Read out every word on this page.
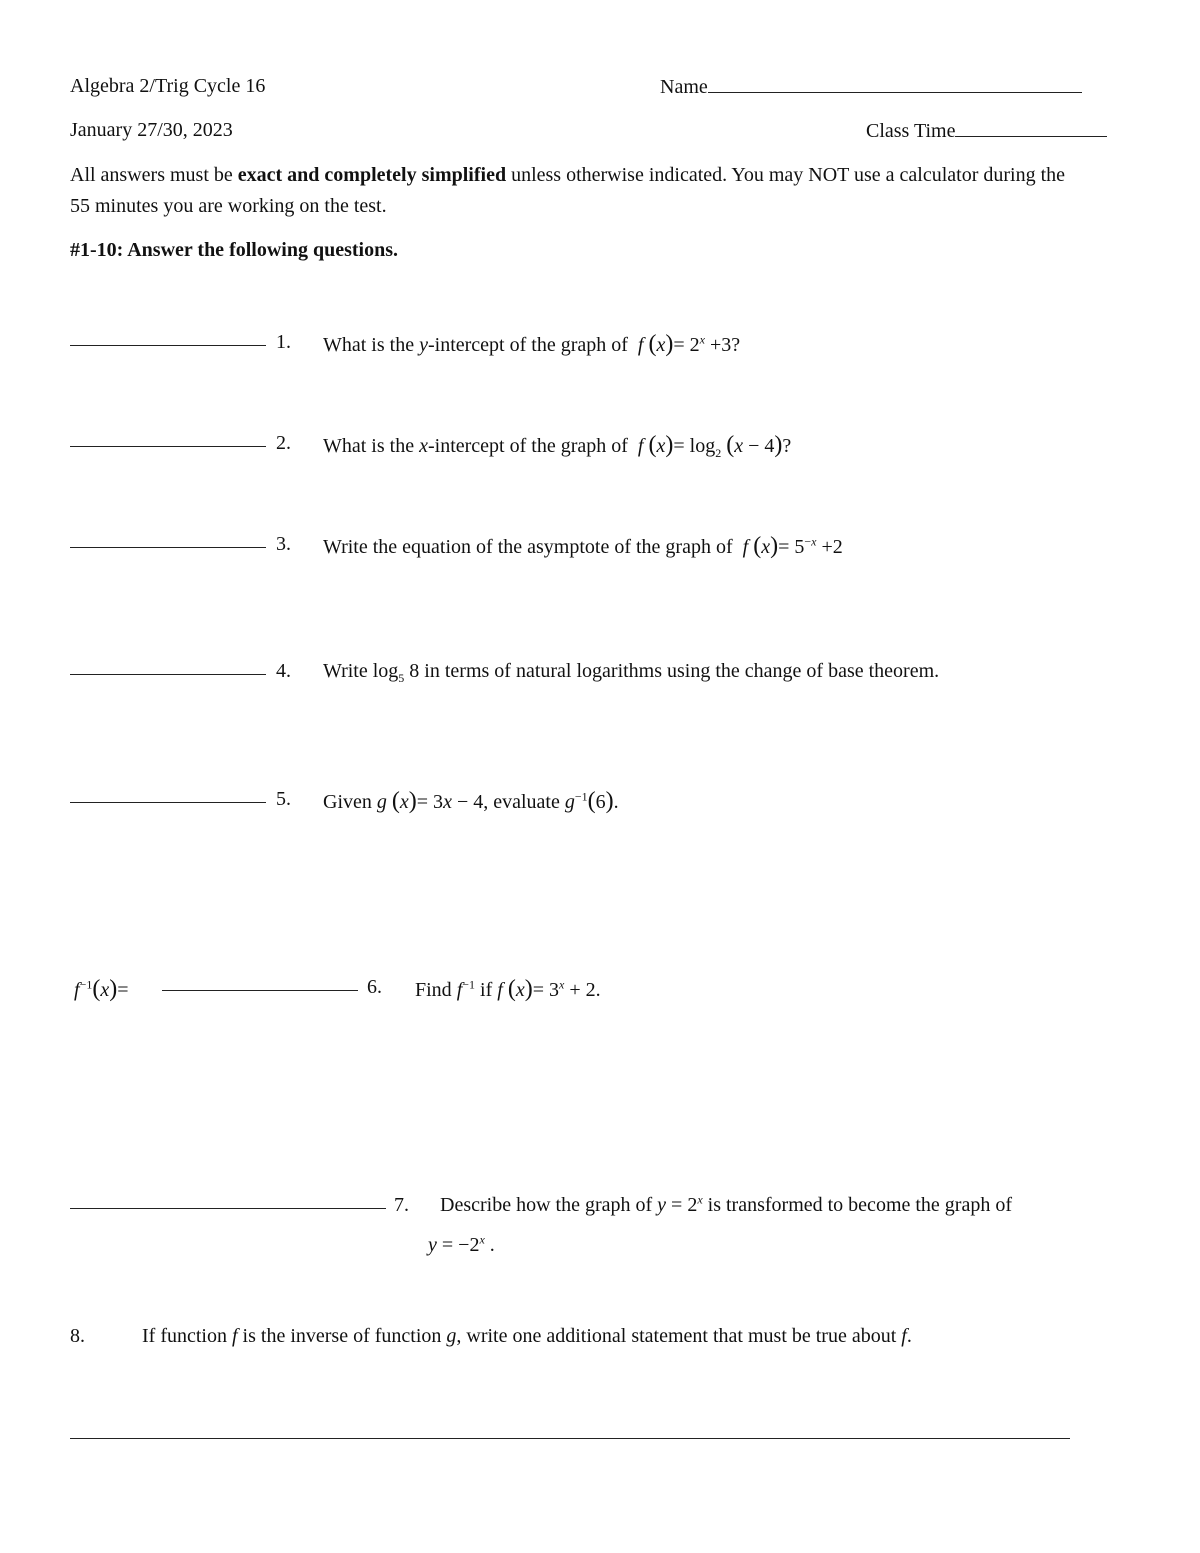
Algebra 2/Trig Cycle 16	Name
January 27/30, 2023	Class Time
All answers must be exact and completely simplified unless otherwise indicated. You may NOT use a calculator during the 55 minutes you are working on the test.
#1-10: Answer the following questions.
1. What is the y-intercept of the graph of  f $(x)= 2^x +3$?
2. What is the x-intercept of the graph of  f $(x)= \log_2 (x - 4)$?
3. Write the equation of the asymptote of the graph of  f $(x)= 5^{-x} +2$
4. Write $\log_5 8$ in terms of natural logarithms using the change of base theorem.
5. Given g (x)= 3x − 4, evaluate $g^{-1}(6)$.
$f^{-1}(x)=$	6. Find $f^{-1}$ if f $(x)= 3^x + 2$.
7. Describe how the graph of $y = 2^x$ is transformed to become the graph of
$y = -2^x$ .
8.	If function f is the inverse of function g, write one additional statement that must be true about f.
